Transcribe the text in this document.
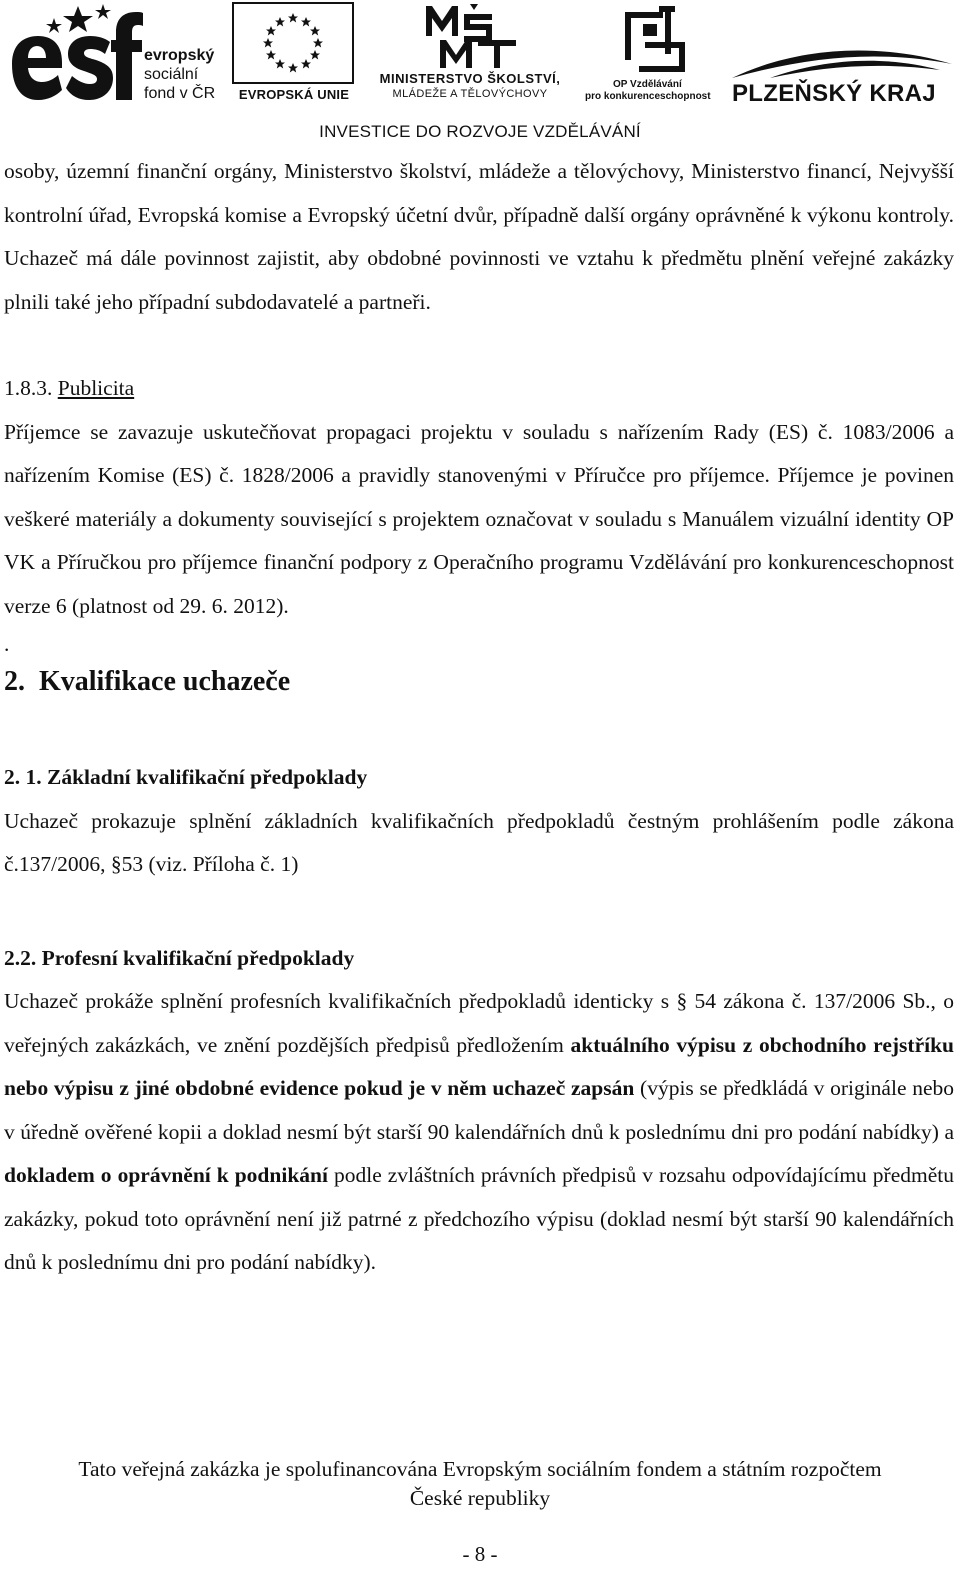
evropský
sociální
fond v ČR	EVROPSKÁ UNIE
MINISTERSTVO ŠKOLSTVÍ,
MLÁDEŽE A TĚLOVÝCHOVY
OP Vzdělávání
pro konkurenceschopnost PLZEŇSKÝ KRAJ
INVESTICE DO ROZVOJE VZDĚLÁVÁNÍ

osoby, územní finanční orgány, Ministerstvo školství, mládeže a tělovýchovy, Ministerstvo financí, Nejvyšší kontrolní úřad, Evropská komise a Evropský účetní dvůr, případně další orgány oprávněné k výkonu kontroly. Uchazeč má dále povinnost zajistit, aby obdobné povinnosti ve vztahu k předmětu plnění veřejné zakázky plnili také jeho případní subdodavatelé a partneři.

1.8.3. Publicita

Příjemce se zavazuje uskutečňovat propagaci projektu v souladu s nařízením Rady (ES) č. 1083/2006 a nařízením Komise (ES) č. 1828/2006 a pravidly stanovenými v Příručce pro příjemce. Příjemce je povinen veškeré materiály a dokumenty související s projektem označovat v souladu s Manuálem vizuální identity OP VK a Příručkou pro příjemce finanční podpory z Operačního programu Vzdělávání pro konkurenceschopnost verze 6 (platnost od 29. 6. 2012).

.
2. Kvalifikace uchazeče
2. 1. Základní kvalifikační předpoklady

Uchazeč prokazuje splnění základních kvalifikačních předpokladů čestným prohlášením podle zákona č.137/2006, §53 (viz. Příloha č. 1)

2.2. Profesní kvalifikační předpoklady

Uchazeč prokáže splnění profesních kvalifikačních předpokladů identicky s § 54 zákona č. 137/2006 Sb., o veřejných zakázkách, ve znění pozdějších předpisů předložením aktuálního výpisu z obchodního rejstříku nebo výpisu z jiné obdobné evidence pokud je v něm uchazeč zapsán (výpis se předkládá v originále nebo v úředně ověřené kopii a doklad nesmí být starší 90 kalendářních dnů k poslednímu dni pro podání nabídky) a dokladem o oprávnění k podnikání podle zvláštních právních předpisů v rozsahu odpovídajícímu předmětu zakázky, pokud toto oprávnění není již patrné z předchozího výpisu (doklad nesmí být starší 90 kalendářních dnů k poslednímu dni pro podání nabídky).

Tato veřejná zakázka je spolufinancována Evropským sociálním fondem a státním rozpočtem
České republiky
- 8 -
